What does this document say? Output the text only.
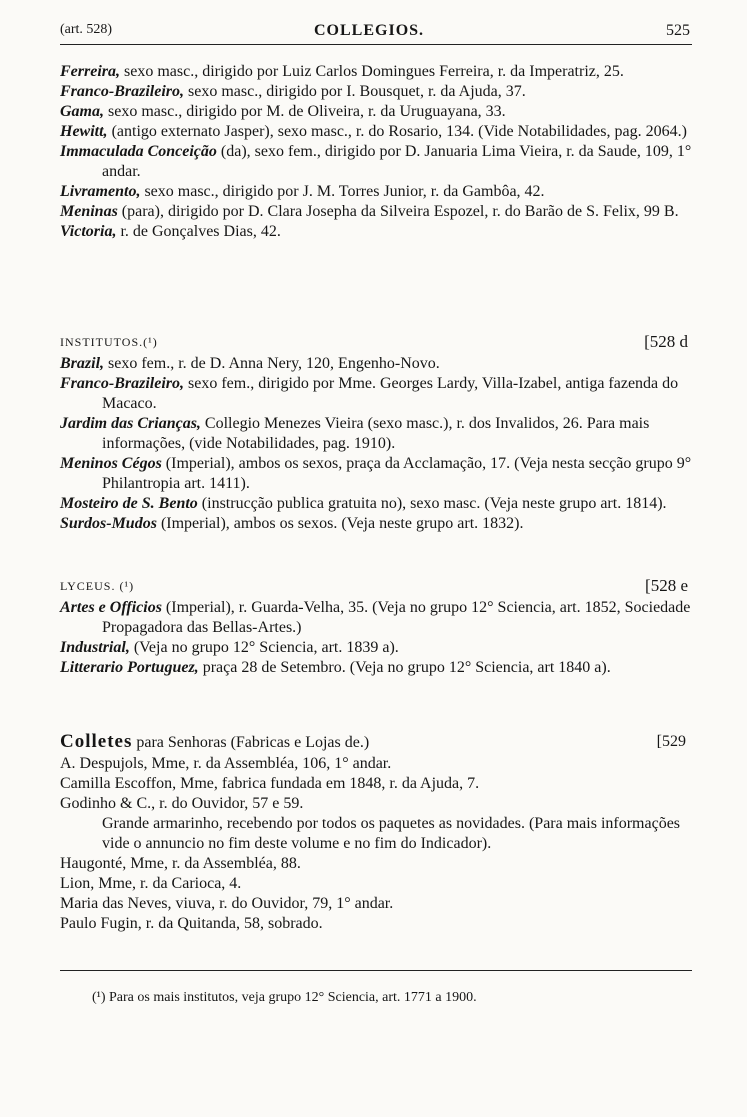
(art. 528)	COLLEGIOS.	525

Ferreira, sexo masc., dirigido por Luiz Carlos Domingues Ferreira, r. da Imperatriz, 25.

Franco-Brazileiro, sexo masc., dirigido por I. Bousquet, r. da Ajuda, 37.

Gama, sexo masc., dirigido por M. de Oliveira, r. da Uruguayana, 33.

Hewitt, (antigo externato Jasper), sexo masc., r. do Rosario, 134. (Vide Notabilidades, pag. 2064.)

Immaculada Conceição (da), sexo fem., dirigido por D. Januaria Lima Vieira, r. da Saude, 109, 1° andar.

Livramento, sexo masc., dirigido por J. M. Torres Junior, r. da Gambôa, 42.

Meninas (para), dirigido por D. Clara Josepha da Silveira Espozel, r. do Barão de S. Felix, 99 B.

Victoria, r. de Gonçalves Dias, 42.

INSTITUTOS.(¹)	[528 d

Brazil, sexo fem., r. de D. Anna Nery, 120, Engenho-Novo.

Franco-Brazileiro, sexo fem., dirigido por Mme. Georges Lardy, Villa-Izabel, antiga fazenda do Macaco.

Jardim das Crianças, Collegio Menezes Vieira (sexo masc.), r. dos Invalidos, 26. Para mais informações, (vide Notabilidades, pag. 1910).

Meninos Cégos (Imperial), ambos os sexos, praça da Acclamação, 17. (Veja nesta secção grupo 9° Philantropia art. 1411).

Mosteiro de S. Bento (instrucção publica gratuita no), sexo masc. (Veja neste grupo art. 1814).

Surdos-Mudos (Imperial), ambos os sexos. (Veja neste grupo art. 1832).

LYCEUS. (¹)	[528 e

Artes e Officios (Imperial), r. Guarda-Velha, 35. (Veja no grupo 12° Sciencia, art. 1852, Sociedade Propagadora das Bellas-Artes.)

Industrial, (Veja no grupo 12° Sciencia, art. 1839 a).

Litterario Portuguez, praça 28 de Setembro. (Veja no grupo 12° Sciencia, art 1840 a).

Colletes para Senhoras (Fabricas e Lojas de.)	[529

A. Despujols, Mme, r. da Assembléa, 106, 1° andar.

Camilla Escoffon, Mme, fabrica fundada em 1848, r. da Ajuda, 7.

Godinho & C., r. do Ouvidor, 57 e 59.

Grande armarinho, recebendo por todos os paquetes as novidades. (Para mais informações vide o annuncio no fim deste volume e no fim do Indicador).

Haugonté, Mme, r. da Assembléa, 88.

Lion, Mme, r. da Carioca, 4.

Maria das Neves, viuva, r. do Ouvidor, 79, 1° andar.

Paulo Fugin, r. da Quitanda, 58, sobrado.

(¹) Para os mais institutos, veja grupo 12° Sciencia, art. 1771 a 1900.
